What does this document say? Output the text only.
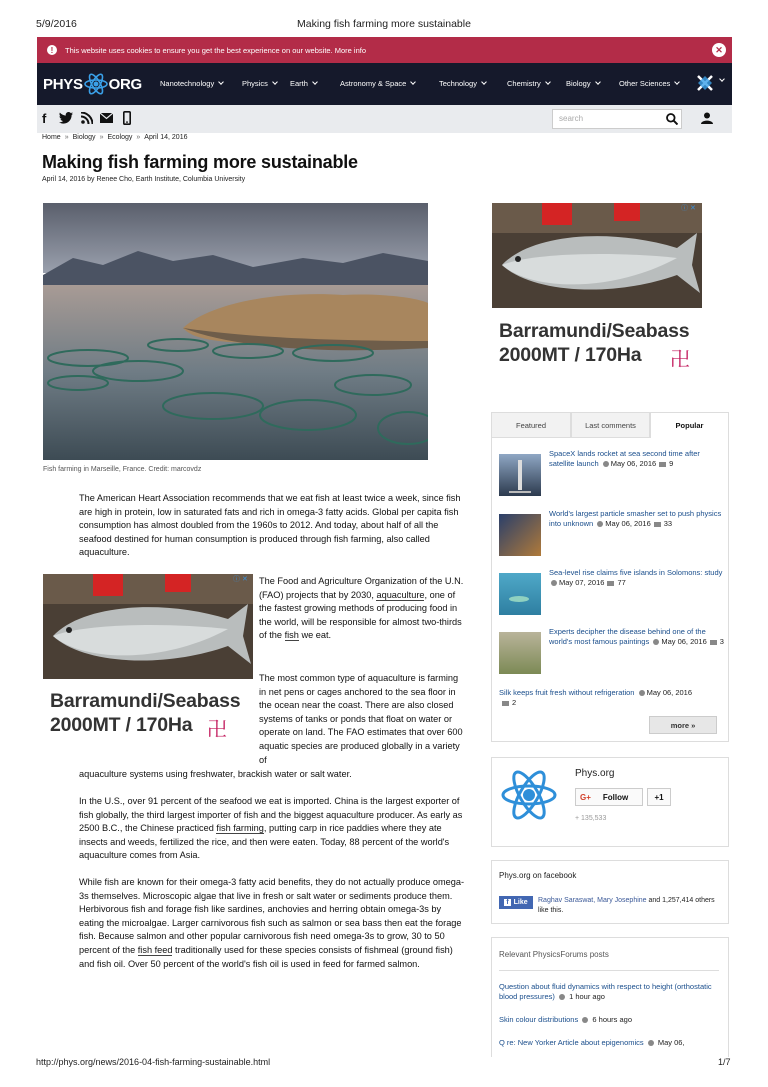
5/9/2016	Making fish farming more sustainable
!	This website uses cookies to ensure you get the best experience on our website. More info	✕
PHYS ORG Nanotechnology	Physics	Earth	Astronomy & Space	Technology	Chemistry	Biology	Other Sciences
f	search
Home » Biology » Ecology » April 14, 2016
Making fish farming more sustainable
April 14, 2016 by Renee Cho, Earth Institute, Columbia University
Fish farming in Marseille, France. Credit: marcovdz
The American Heart Association recommends that we eat fish at least twice a week, since fish are high in protein, low in saturated fats and rich in omega-3 fatty acids. Global per capita fish consumption has almost doubled from the 1960s to 2012. And today, about half of all the seafood destined for human consumption is produced through fish farming, also called aquaculture.
ⓘ ✕
Barramundi/Seabass
2000MT / 170Ha 卍
The Food and Agriculture Organization of the U.N. (FAO) projects that by 2030, aquaculture, one of the fastest growing methods of producing food in the world, will be responsible for almost two-thirds of the fish we eat.
The most common type of aquaculture is farming in net pens or cages anchored to the sea floor in the ocean near the coast. There are also closed systems of tanks or ponds that float on water or operate on land. The FAO estimates that over 600 aquatic species are produced globally in a variety of
aquaculture systems using freshwater, brackish water or salt water.
In the U.S., over 91 percent of the seafood we eat is imported. China is the largest exporter of fish globally, the third largest importer of fish and the biggest aquaculture producer. As early as 2500 B.C., the Chinese practiced fish farming, putting carp in rice paddies where they ate insects and weeds, fertilized the rice, and then were eaten. Today, 88 percent of the world's aquaculture comes from Asia.
While fish are known for their omega-3 fatty acid benefits, they do not actually produce omega-3s themselves. Microscopic algae that live in fresh or salt water or sediments produce them. Herbivorous fish and forage fish like sardines, anchovies and herring obtain omega-3s by eating the microalgae. Larger carnivorous fish such as salmon or sea bass then eat the forage fish. Because salmon and other popular carnivorous fish need omega-3s to grow, 30 to 50 percent of the fish feed traditionally used for these species consists of fishmeal (ground fish) and fish oil. Over 50 percent of the world's fish oil is used in feed for farmed salmon.
ⓘ ✕
Barramundi/Seabass
2000MT / 170Ha 卍
Featured	Last comments	Popular
SpaceX lands rocket at sea second time after satellite launch May 06, 2016 9
World's largest particle smasher set to push physics into unknown May 06, 2016 33
Sea-level rise claims five islands in Solomons: study May 07, 2016 77
Experts decipher the disease behind one of the world's most famous paintings May 06, 2016 3
Silk keeps fruit fresh without refrigeration May 06, 2016
2
more »
Phys.org
G+ Follow	+1
+ 135,533
Phys.org on facebook
f Like Raghav Saraswat, Mary Josephine and 1,257,414 others like this.
Relevant PhysicsForums posts
Question about fluid dynamics with respect to height (orthostatic blood pressures) 1 hour ago
Skin colour distributions 6 hours ago
Q re: New Yorker Article about epigenomics May 06,
http://phys.org/news/2016-04-fish-farming-sustainable.html	1/7
